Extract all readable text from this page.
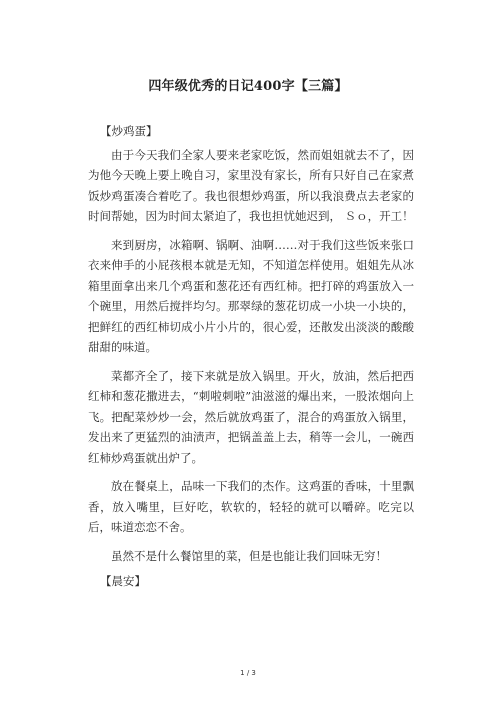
四年级优秀的日记400字【三篇】

【炒鸡蛋】

由于今天我们全家人要来老家吃饭，然而姐姐就去不了，因为他今天晚上要上晚自习，家里没有家长，所有只好自己在家煮饭炒鸡蛋凑合着吃了。我也很想炒鸡蛋，所以我浪费点去老家的时间帮她，因为时间太紧迫了，我也担忧她迟到， Ｓｏ，开工！

来到厨房，冰箱啊、锅啊、油啊……对于我们这些饭来张口衣来伸手的小屁孩根本就是无知，不知道怎样使用。姐姐先从冰箱里面拿出来几个鸡蛋和葱花还有西红柿。把打碎的鸡蛋放入一个碗里，用然后搅拌均匀。那翠绿的葱花切成一小块一小块的，把鲜红的西红柿切成小片小片的，很心爱，还散发出淡淡的酸酸甜甜的味道。

菜都齐全了，接下来就是放入锅里。开火，放油，然后把西红柿和葱花撒进去，“刺啦刺啦”油滋滋的爆出来，一股浓烟向上飞。把配菜炒炒一会，然后就放鸡蛋了，混合的鸡蛋放入锅里，发出来了更猛烈的油渍声，把锅盖盖上去，稍等一会儿，一碗西红柿炒鸡蛋就出炉了。

放在餐桌上，品味一下我们的杰作。这鸡蛋的香味，十里飘香，放入嘴里，巨好吃，软软的，轻轻的就可以嚼碎。吃完以后，味道恋恋不舍。

虽然不是什么餐馆里的菜，但是也能让我们回味无穷！

【晨安】

1 / 3
